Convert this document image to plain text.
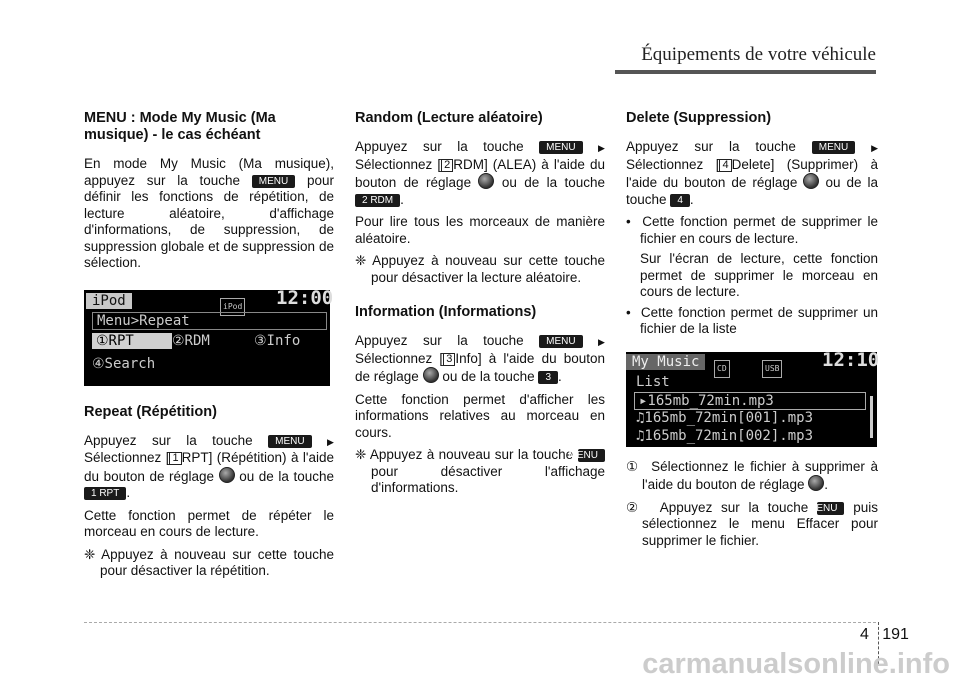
Équipements de votre véhicule
MENU : Mode My Music (Ma musique) - le cas échéant

En mode My Music (Ma musique), appuyez sur la touche MENU pour définir les fonctions de répétition, de lecture aléatoire, d'affichage d'informations, de suppression, de suppression globale et de suppression de sélection.

iPod	iPod 12:00
Menu>Repeat
①RPT	②RDM	③Info
④Search
Repeat (Répétition)

Appuyez sur la touche MENU ▶ Sélectionnez [ 1 RPT] (Répétition) à l'aide du bouton de réglage ou de la touche 1 RPT .

Cette fonction permet de répéter le morceau en cours de lecture.

❈ Appuyez à nouveau sur cette touche pour désactiver la répétition.

Random (Lecture aléatoire)

Appuyez sur la touche MENU ▶ Sélectionnez [ 2 RDM] (ALEA) à l'aide du bouton de réglage ou de la touche 2 RDM .

Pour lire tous les morceaux de manière aléatoire.

❈ Appuyez à nouveau sur cette touche pour désactiver la lecture aléatoire.

Information (Informations)

Appuyez sur la touche MENU ▶ Sélectionnez [ 3 Info] à l'aide du bouton de réglage ou de la touche 3 .

Cette fonction permet d'afficher les informations relatives au morceau en cours.

❈ Appuyez à nouveau sur la touche MENU pour désactiver l'affichage d'informations.

Delete (Suppression)

Appuyez sur la touche MENU	▶ Sélectionnez [ 4 Delete] (Supprimer) à l'aide du bouton de réglage ou de la touche 4 .

•  Cette fonction permet de supprimer le fichier en cours de lecture.

Sur l'écran de lecture, cette fonction permet de supprimer le morceau en cours de lecture.

•  Cette fonction permet de supprimer un fichier de la liste

My Music	CD	USB 12:10
List
▸165mb_72min.mp3
♫165mb_72min[001].mp3
♫165mb_72min[002].mp3

① Sélectionnez le fichier à supprimer à l'aide du bouton de réglage .

② Appuyez sur la touche MENU puis sélectionnez le menu Effacer pour supprimer le fichier.

4 191
carmanualsonline.info
